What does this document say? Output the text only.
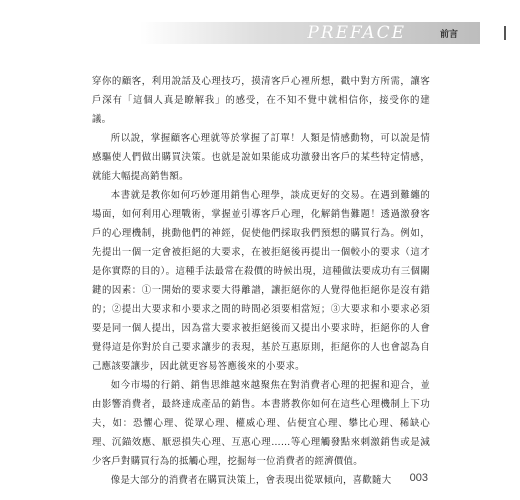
PREFACE	前言

穿你的顧客，利用說話及心理技巧，摸清客戶心裡所想，戳中對方所需，讓客戶深有「這個人真是瞭解我」的感受，在不知不覺中就相信你，接受你的建議。

所以說，掌握顧客心理就等於掌握了訂單！人類是情感動物，可以說是情感驅使人們做出購買決策。也就是說如果能成功激發出客戶的某些特定情感，就能大幅提高銷售額。

本書就是教你如何巧妙運用銷售心理學，談成更好的交易。在遇到難纏的場面，如何利用心理戰術，掌握並引導客戶心理，化解銷售難題！透過激發客戶的心理機制，挑動他們的神經，促使他們採取我們預想的購買行為。例如，先提出一個一定會被拒絕的大要求，在被拒絕後再提出一個較小的要求（這才是你實際的目的）。這種手法最常在殺價的時候出現，這種做法要成功有三個關鍵的因素：①一開始的要求要大得離譜，讓拒絕你的人覺得他拒絕你是沒有錯的；②提出大要求和小要求之間的時間必須要相當短；③大要求和小要求必須要是同一個人提出，因為當大要求被拒絕後而又提出小要求時，拒絕你的人會覺得這是你對於自己要求讓步的表現，基於互惠原則，拒絕你的人也會認為自己應該要讓步，因此就更容易答應後來的小要求。

如今市場的行銷、銷售思維越來越聚焦在對消費者心理的把握和迎合，並由影響消費者，最終達成產品的銷售。本書將教你如何在這些心理機制上下功夫，如：恐懼心理、從眾心理、權威心理、佔便宜心理、攀比心理、稀缺心理、沉錨效應、厭惡損失心理、互惠心理……等心理觸發點來刺激銷售或是減少客戶對購買行為的抵觸心理，挖掘每一位消費者的經濟價值。

像是大部分的消費者在購買決策上，會表現出從眾傾向，喜歡隨大	003
